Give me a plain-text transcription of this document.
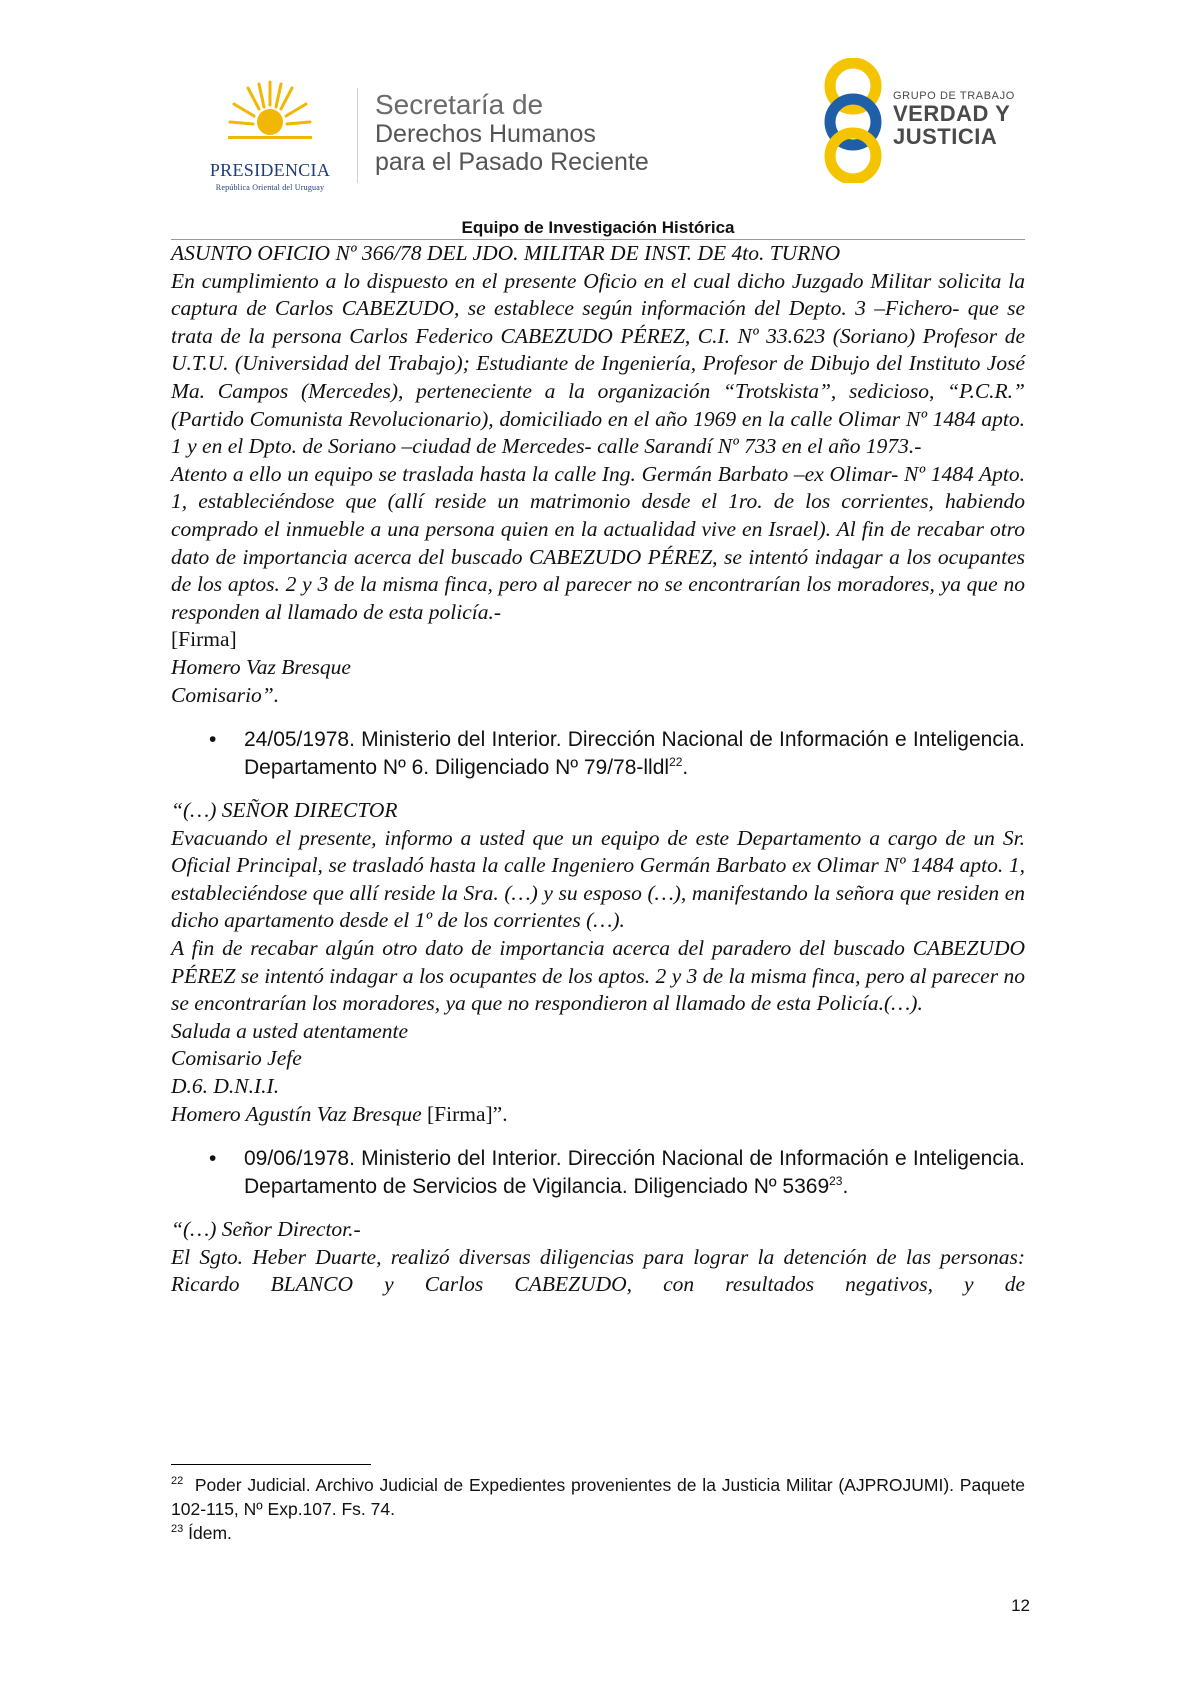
PRESIDENCIA
República Oriental del Uruguay
Secretaría de
Derechos Humanos
para el Pasado Reciente
GRUPO DE TRABAJO
VERDAD Y
JUSTICIA
Equipo de Investigación Histórica

ASUNTO OFICIO Nº 366/78 DEL JDO. MILITAR DE INST. DE 4to. TURNO

En cumplimiento a lo dispuesto en el presente Oficio en el cual dicho Juzgado Militar solicita la captura de Carlos CABEZUDO, se establece según información del Depto. 3 –Fichero- que se trata de la persona Carlos Federico CABEZUDO PÉREZ, C.I. Nº 33.623 (Soriano) Profesor de U.T.U. (Universidad del Trabajo); Estudiante de Ingeniería, Profesor de Dibujo del Instituto José Ma. Campos (Mercedes), perteneciente a la organización “Trotskista”, sedicioso, “P.C.R.” (Partido Comunista Revolucionario), domiciliado en el año 1969 en la calle Olimar Nº 1484 apto. 1 y en el Dpto. de Soriano –ciudad de Mercedes- calle Sarandí Nº 733 en el año 1973.-

Atento a ello un equipo se traslada hasta la calle Ing. Germán Barbato –ex Olimar- Nº 1484 Apto. 1, estableciéndose que (allí reside un matrimonio desde el 1ro. de los corrientes, habiendo comprado el inmueble a una persona quien en la actualidad vive en Israel). Al fin de recabar otro dato de importancia acerca del buscado CABEZUDO PÉREZ, se intentó indagar a los ocupantes de los aptos. 2 y 3 de la misma finca, pero al parecer no se encontrarían los moradores, ya que no responden al llamado de esta policía.-

[Firma]

Homero Vaz Bresque

Comisario”.

• 24/05/1978. Ministerio del Interior. Dirección Nacional de Información e Inteligencia. Departamento Nº 6. Diligenciado Nº 79/78-lldl$^{22}$.

“(…) SEÑOR DIRECTOR

Evacuando el presente, informo a usted que un equipo de este Departamento a cargo de un Sr. Oficial Principal, se trasladó hasta la calle Ingeniero Germán Barbato ex Olimar Nº 1484 apto. 1, estableciéndose que allí reside la Sra. (…) y su esposo (…), manifestando la señora que residen en dicho apartamento desde el 1º de los corrientes (…).

A fin de recabar algún otro dato de importancia acerca del paradero del buscado CABEZUDO PÉREZ se intentó indagar a los ocupantes de los aptos. 2 y 3 de la misma finca, pero al parecer no se encontrarían los moradores, ya que no respondieron al llamado de esta Policía.(…).

Saluda a usted atentamente

Comisario Jefe

D.6. D.N.I.I.

Homero Agustín Vaz Bresque [Firma]”.

• 09/06/1978. Ministerio del Interior. Dirección Nacional de Información e Inteligencia. Departamento de Servicios de Vigilancia. Diligenciado Nº 5369$^{23}$.

“(…) Señor Director.-

El Sgto. Heber Duarte, realizó diversas diligencias para lograr la detención de las personas: Ricardo BLANCO y Carlos CABEZUDO, con resultados negativos, y de

$^{22}$ Poder Judicial. Archivo Judicial de Expedientes provenientes de la Justicia Militar (AJPROJUMI). Paquete 102-115, Nº Exp.107. Fs. 74.

$^{23}$ Ídem.

12
